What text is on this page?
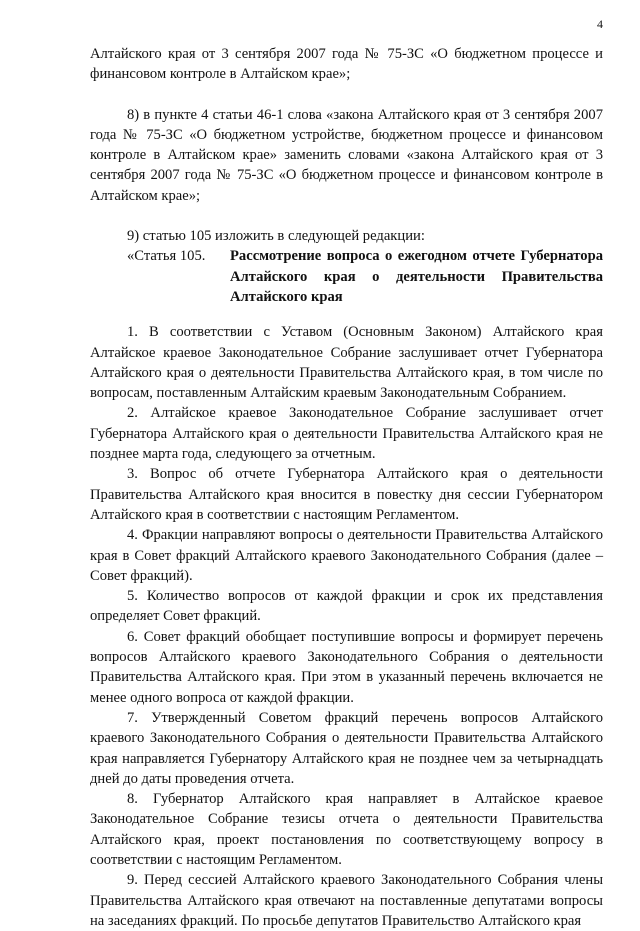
4

Алтайского края от 3 сентября 2007 года № 75-ЗС «О бюджетном процессе и финансовом контроле в Алтайском крае»;

8) в пункте 4 статьи 46-1 слова «закона Алтайского края от 3 сентября 2007 года № 75-ЗС «О бюджетном устройстве, бюджетном процессе и финансовом контроле в Алтайском крае» заменить словами «закона Алтайского края от 3 сентября 2007 года № 75-ЗС «О бюджетном процессе и финансовом контроле в Алтайском крае»;

9) статью 105 изложить в следующей редакции:

«Статья 105.	Рассмотрение вопроса о ежегодном отчете Губернатора Алтайского края о деятельности Правительства Алтайского края

1. В соответствии с Уставом (Основным Законом) Алтайского края Алтайское краевое Законодательное Собрание заслушивает отчет Губернатора Алтайского края о деятельности Правительства Алтайского края, в том числе по вопросам, поставленным Алтайским краевым Законодательным Собранием.

2. Алтайское краевое Законодательное Собрание заслушивает отчет Губернатора Алтайского края о деятельности Правительства Алтайского края не позднее марта года, следующего за отчетным.

3. Вопрос об отчете Губернатора Алтайского края о деятельности Правительства Алтайского края вносится в повестку дня сессии Губернатором Алтайского края в соответствии с настоящим Регламентом.

4. Фракции направляют вопросы о деятельности Правительства Алтайского края в Совет фракций Алтайского краевого Законодательного Собрания (далее – Совет фракций).

5. Количество вопросов от каждой фракции и срок их представления определяет Совет фракций.

6. Совет фракций обобщает поступившие вопросы и формирует перечень вопросов Алтайского краевого Законодательного Собрания о деятельности Правительства Алтайского края. При этом в указанный перечень включается не менее одного вопроса от каждой фракции.

7. Утвержденный Советом фракций перечень вопросов Алтайского краевого Законодательного Собрания о деятельности Правительства Алтайского края направляется Губернатору Алтайского края не позднее чем за четырнадцать дней до даты проведения отчета.

8. Губернатор Алтайского края направляет в Алтайское краевое Законодательное Собрание тезисы отчета о деятельности Правительства Алтайского края, проект постановления по соответствующему вопросу в соответствии с настоящим Регламентом.

9. Перед сессией Алтайского краевого Законодательного Собрания члены Правительства Алтайского края отвечают на поставленные депутатами вопросы на заседаниях фракций. По просьбе депутатов Правительство Алтайского края
